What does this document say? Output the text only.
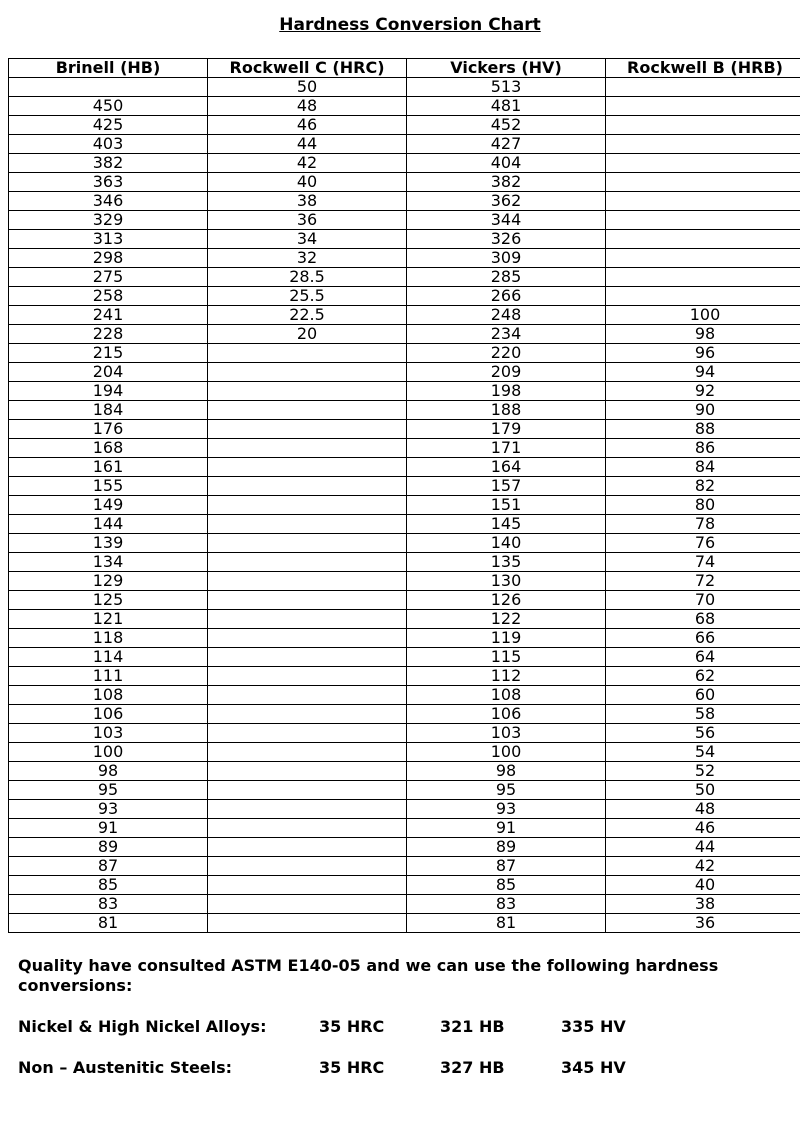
Hardness Conversion Chart
Brinell (HB)	Rockwell C (HRC)	Vickers (HV)	Rockwell B (HRB)
	50	513	
450	48	481	
425	46	452	
403	44	427	
382	42	404	
363	40	382	
346	38	362	
329	36	344	
313	34	326	
298	32	309	
275	28.5	285	
258	25.5	266	
241	22.5	248	100
228	20	234	98
215		220	96
204		209	94
194		198	92
184		188	90
176		179	88
168		171	86
161		164	84
155		157	82
149		151	80
144		145	78
139		140	76
134		135	74
129		130	72
125		126	70
121		122	68
118		119	66
114		115	64
111		112	62
108		108	60
106		106	58
103		103	56
100		100	54
98		98	52
95		95	50
93		93	48
91		91	46
89		89	44
87		87	42
85		85	40
83		83	38
81		81	36

Quality have consulted ASTM E140-05 and we can use the following hardness conversions:

Nickel & High Nickel Alloys:	35 HRC	321 HB	335 HV
Non – Austenitic Steels:	35 HRC	327 HB	345 HV
